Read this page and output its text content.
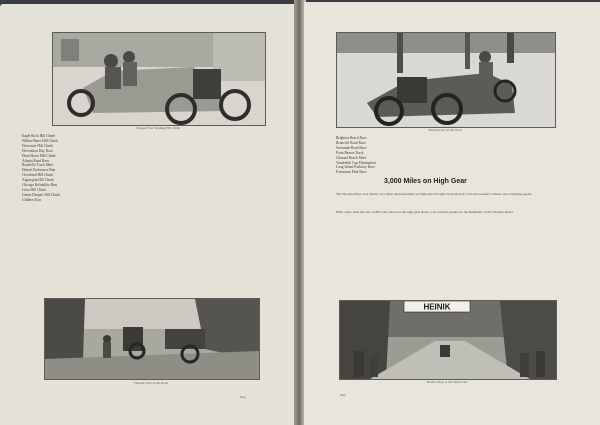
Thomas Flyer Winning Hill Climb
Eagle Rock Hill Climb
Wilkes-Barre Hill Climb
Worcester Hill Climb
Decoration Day Race
Dead Horse Hill Climb
Atlanta Road Race
Readville Track Meet
Detroit Endurance Run
Cleveland Hill Climb
Algonquin Hill Climb
Chicago Reliability Run
Lima Hill Climb
Giants Despair Hill Climb
Glidden Tour
Thomas Flyer on the Road
Page
Thomas Flyer in the Snow
Brighton Beach Race
Briarcliff Road Race
Savannah Road Race
Point Breeze Track
Ormond Beach Meet
Vanderbilt Cup Elimination
Long Island Parkway Race
Fairmount Park Race
3,000 Miles on High Gear
The Thomas Flyer was driven over three thousand miles on high gear through every kind of road and weather without once changing speed.
Hills, sand, mud and city traffic were taken on the high gear alone, a record that speaks for the flexibility of the Thomas motor.
HEINIK
Thomas Flyer at the Finish Line
Page
